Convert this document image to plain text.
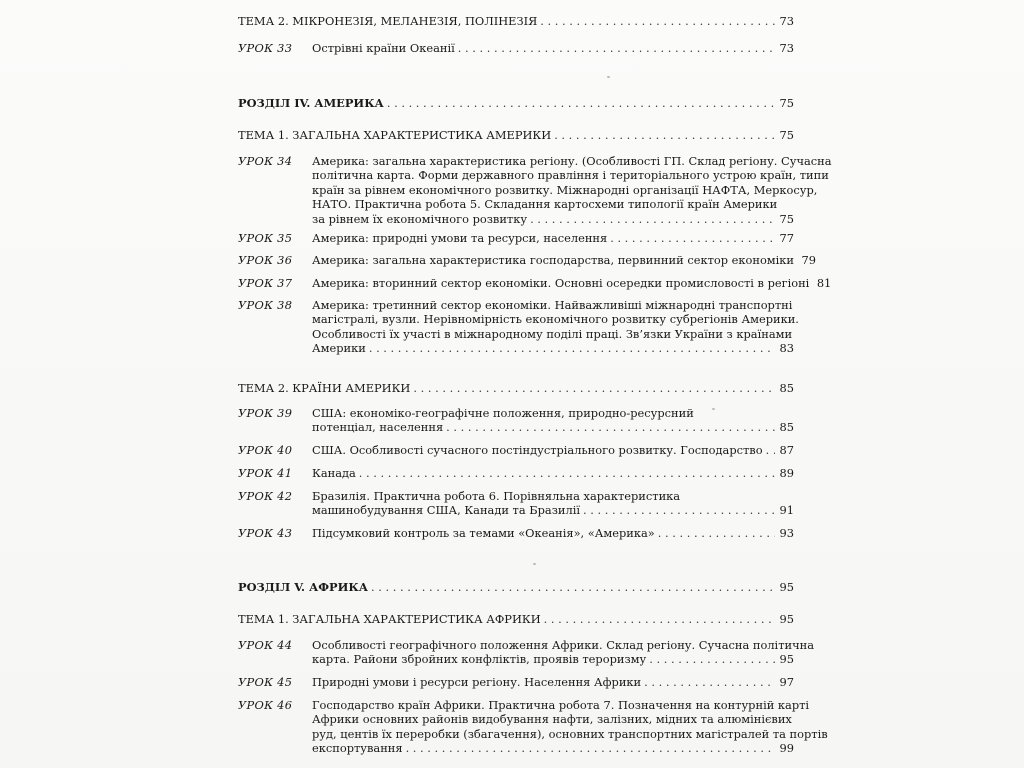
ТЕМА 2. МІКРОНЕЗІЯ, МЕЛАНЕЗІЯ, ПОЛІНЕЗІЯ . . .	73
УРОК 33	Острівні країни Океанії . . .	73
РОЗДІЛ IV. АМЕРИКА . . .	75
ТЕМА 1. ЗАГАЛЬНА ХАРАКТЕРИСТИКА АМЕРИКИ . . .	75
УРОК 34	Америка: загальна характеристика регіону. (Особливості ГП. Склад регіону. Сучасна
політична карта. Форми державного правління і територіального устрою країн, типи
країн за рівнем економічного розвитку. Міжнародні організації НАФТА, Меркосур,
НАТО. Практична робота 5. Складання картосхеми типології країн Америки
за рівнем їх економічного розвитку . . .	75
УРОК 35	Америка: природні умови та ресурси, населення . . .	77
УРОК 36	Америка: загальна характеристика господарства, первинний сектор економіки 79
УРОК 37	Америка: вторинний сектор економіки. Основні осередки промисловості в регіоні 81
УРОК 38	Америка: третинний сектор економіки. Найважливіші міжнародні транспортні
магістралі, вузли. Нерівномірність економічного розвитку субрегіонів Америки.
Особливості їх участі в міжнародному поділі праці. Зв’язки України з країнами
Америки . . .	83
ТЕМА 2. КРАЇНИ АМЕРИКИ . . .	85
УРОК 39	США: економіко-географічне положення, природно-ресурсний
потенціал, населення . . .	85
УРОК 40	США. Особливості сучасного постіндустріального розвитку. Господарство . . . 87
УРОК 41	Канада . . .	89
УРОК 42	Бразилія. Практична робота 6. Порівняльна характеристика
машинобудування США, Канади та Бразилії . . .	91
УРОК 43	Підсумковий контроль за темами «Океанія», «Америка» . . .	93
РОЗДІЛ V. АФРИКА . . .	95
ТЕМА 1. ЗАГАЛЬНА ХАРАКТЕРИСТИКА АФРИКИ . . .	95
УРОК 44	Особливості географічного положення Африки. Склад регіону. Сучасна політична
карта. Райони збройних конфліктів, проявів тероризму . . .	95
УРОК 45	Природні умови і ресурси регіону. Населення Африки . . .	97
УРОК 46	Господарство країн Африки. Практична робота 7. Позначення на контурній карті
Африки основних районів видобування нафти, залізних, мідних та алюмінієвих
руд, центів їх переробки (збагачення), основних транспортних магістралей та портів
експортування . . .	99
